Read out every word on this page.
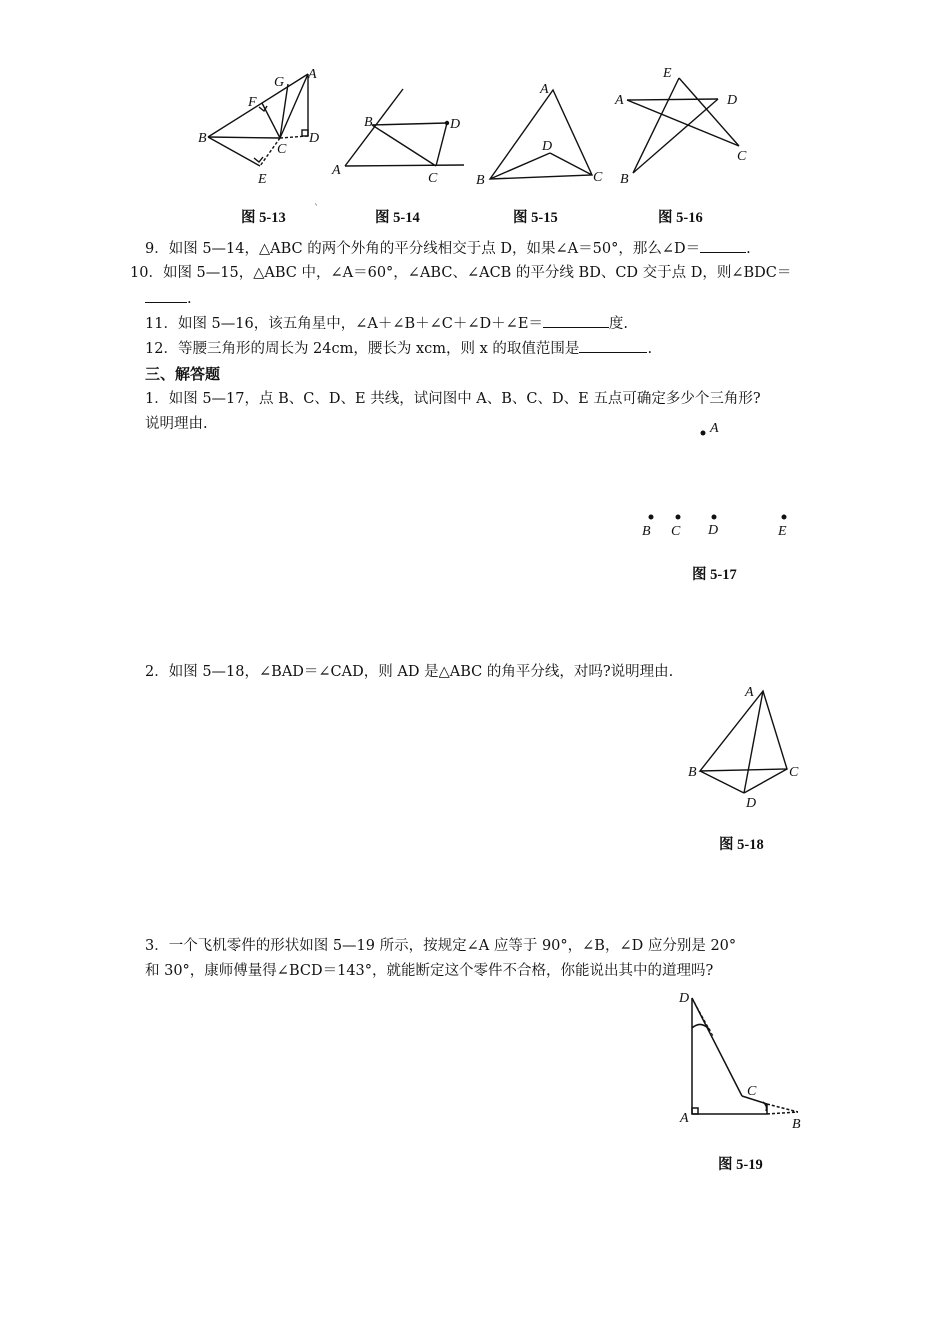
G
A
F
B
C
D
E
图 5-13
`
B	D
A
C
图 5-14
A
D
B	C
图 5-15
E
A	D
C
B
图 5-16
9．如图 5—14，△ABC 的两个外角的平分线相交于点 D，如果∠A＝50°，那么∠D＝	.
10．如图 5—15，△ABC 中，∠A＝60°，∠ABC、∠ACB 的平分线 BD、CD 交于点 D，则∠BDC＝
.
11．如图 5—16，该五角星中，∠A＋∠B＋∠C＋∠D＋∠E＝	度.
12．等腰三角形的周长为 24cm，腰长为 xcm，则 x 的取值范围是	.
三、解答题
1．如图 5—17，点 B、C、D、E 共线，试问图中 A、B、C、D、E 五点可确定多少个三角形?
说明理由.	A
B C D	E
图 5-17
2．如图 5—18，∠BAD＝∠CAD，则 AD 是△ABC 的角平分线，对吗?说明理由.
A
B	C
D
图 5-18
3．一个飞机零件的形状如图 5—19 所示，按规定∠A 应等于 90°，∠B，∠D 应分别是 20°
和 30°，康师傅量得∠BCD＝143°，就能断定这个零件不合格，你能说出其中的道理吗?
D
C
A	B
图 5-19
